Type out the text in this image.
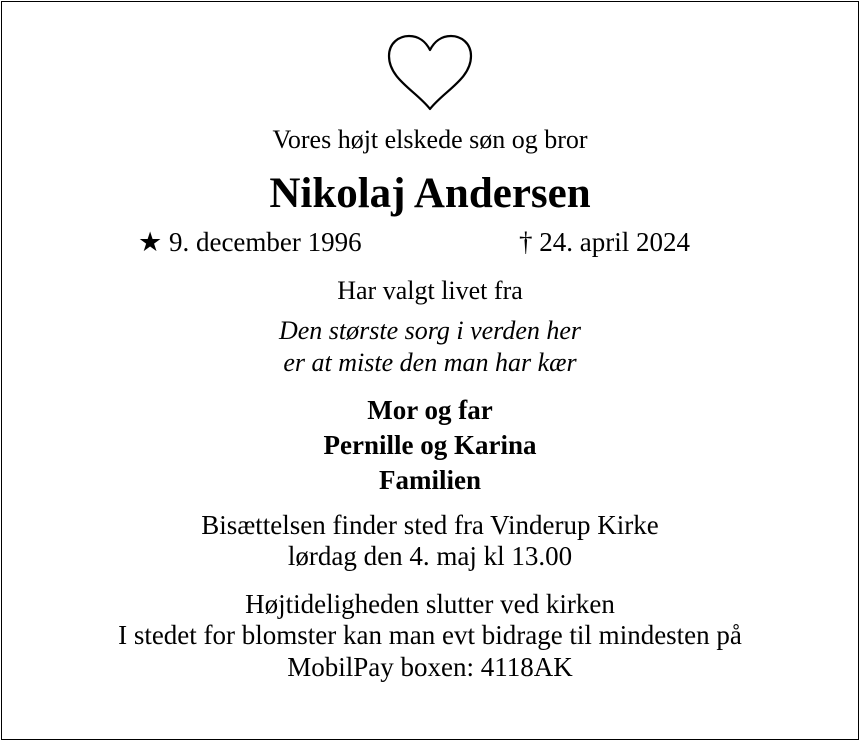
Vores højt elskede søn og bror
Nikolaj Andersen
★ 9. december 1996	† 24. april 2024
Har valgt livet fra
Den største sorg i verden her
er at miste den man har kær
Mor og far
Pernille og Karina
Familien
Bisættelsen finder sted fra Vinderup Kirke
lørdag den 4. maj kl 13.00
Højtideligheden slutter ved kirken
I stedet for blomster kan man evt bidrage til mindesten på
MobilPay boxen: 4118AK
